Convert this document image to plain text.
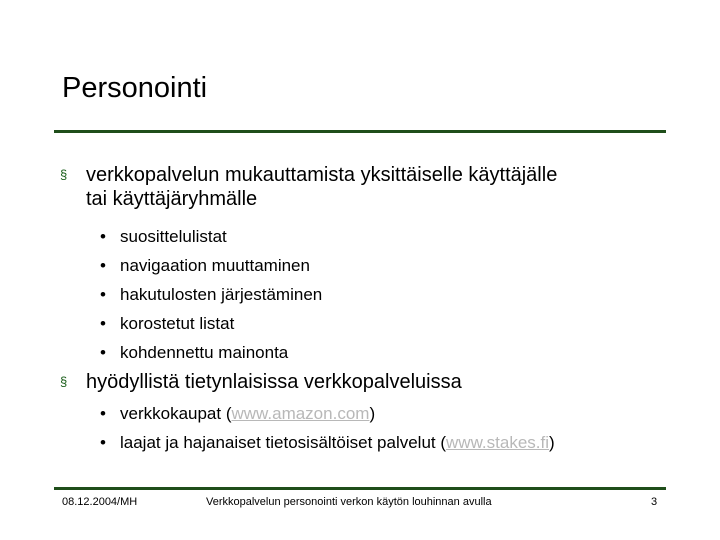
Personointi
§ verkkopalvelun mukauttamista yksittäiselle käyttäjälle
tai käyttäjäryhmälle
• suosittelulistat
• navigaation muuttaminen
• hakutulosten järjestäminen
• korostetut listat
• kohdennettu mainonta
§ hyödyllistä tietynlaisissa verkkopalveluissa
• verkkokaupat (www.amazon.com)
• laajat ja hajanaiset tietosisältöiset palvelut (www.stakes.fi)
08.12.2004/MH	Verkkopalvelun personointi verkon käytön louhinnan avulla	3
